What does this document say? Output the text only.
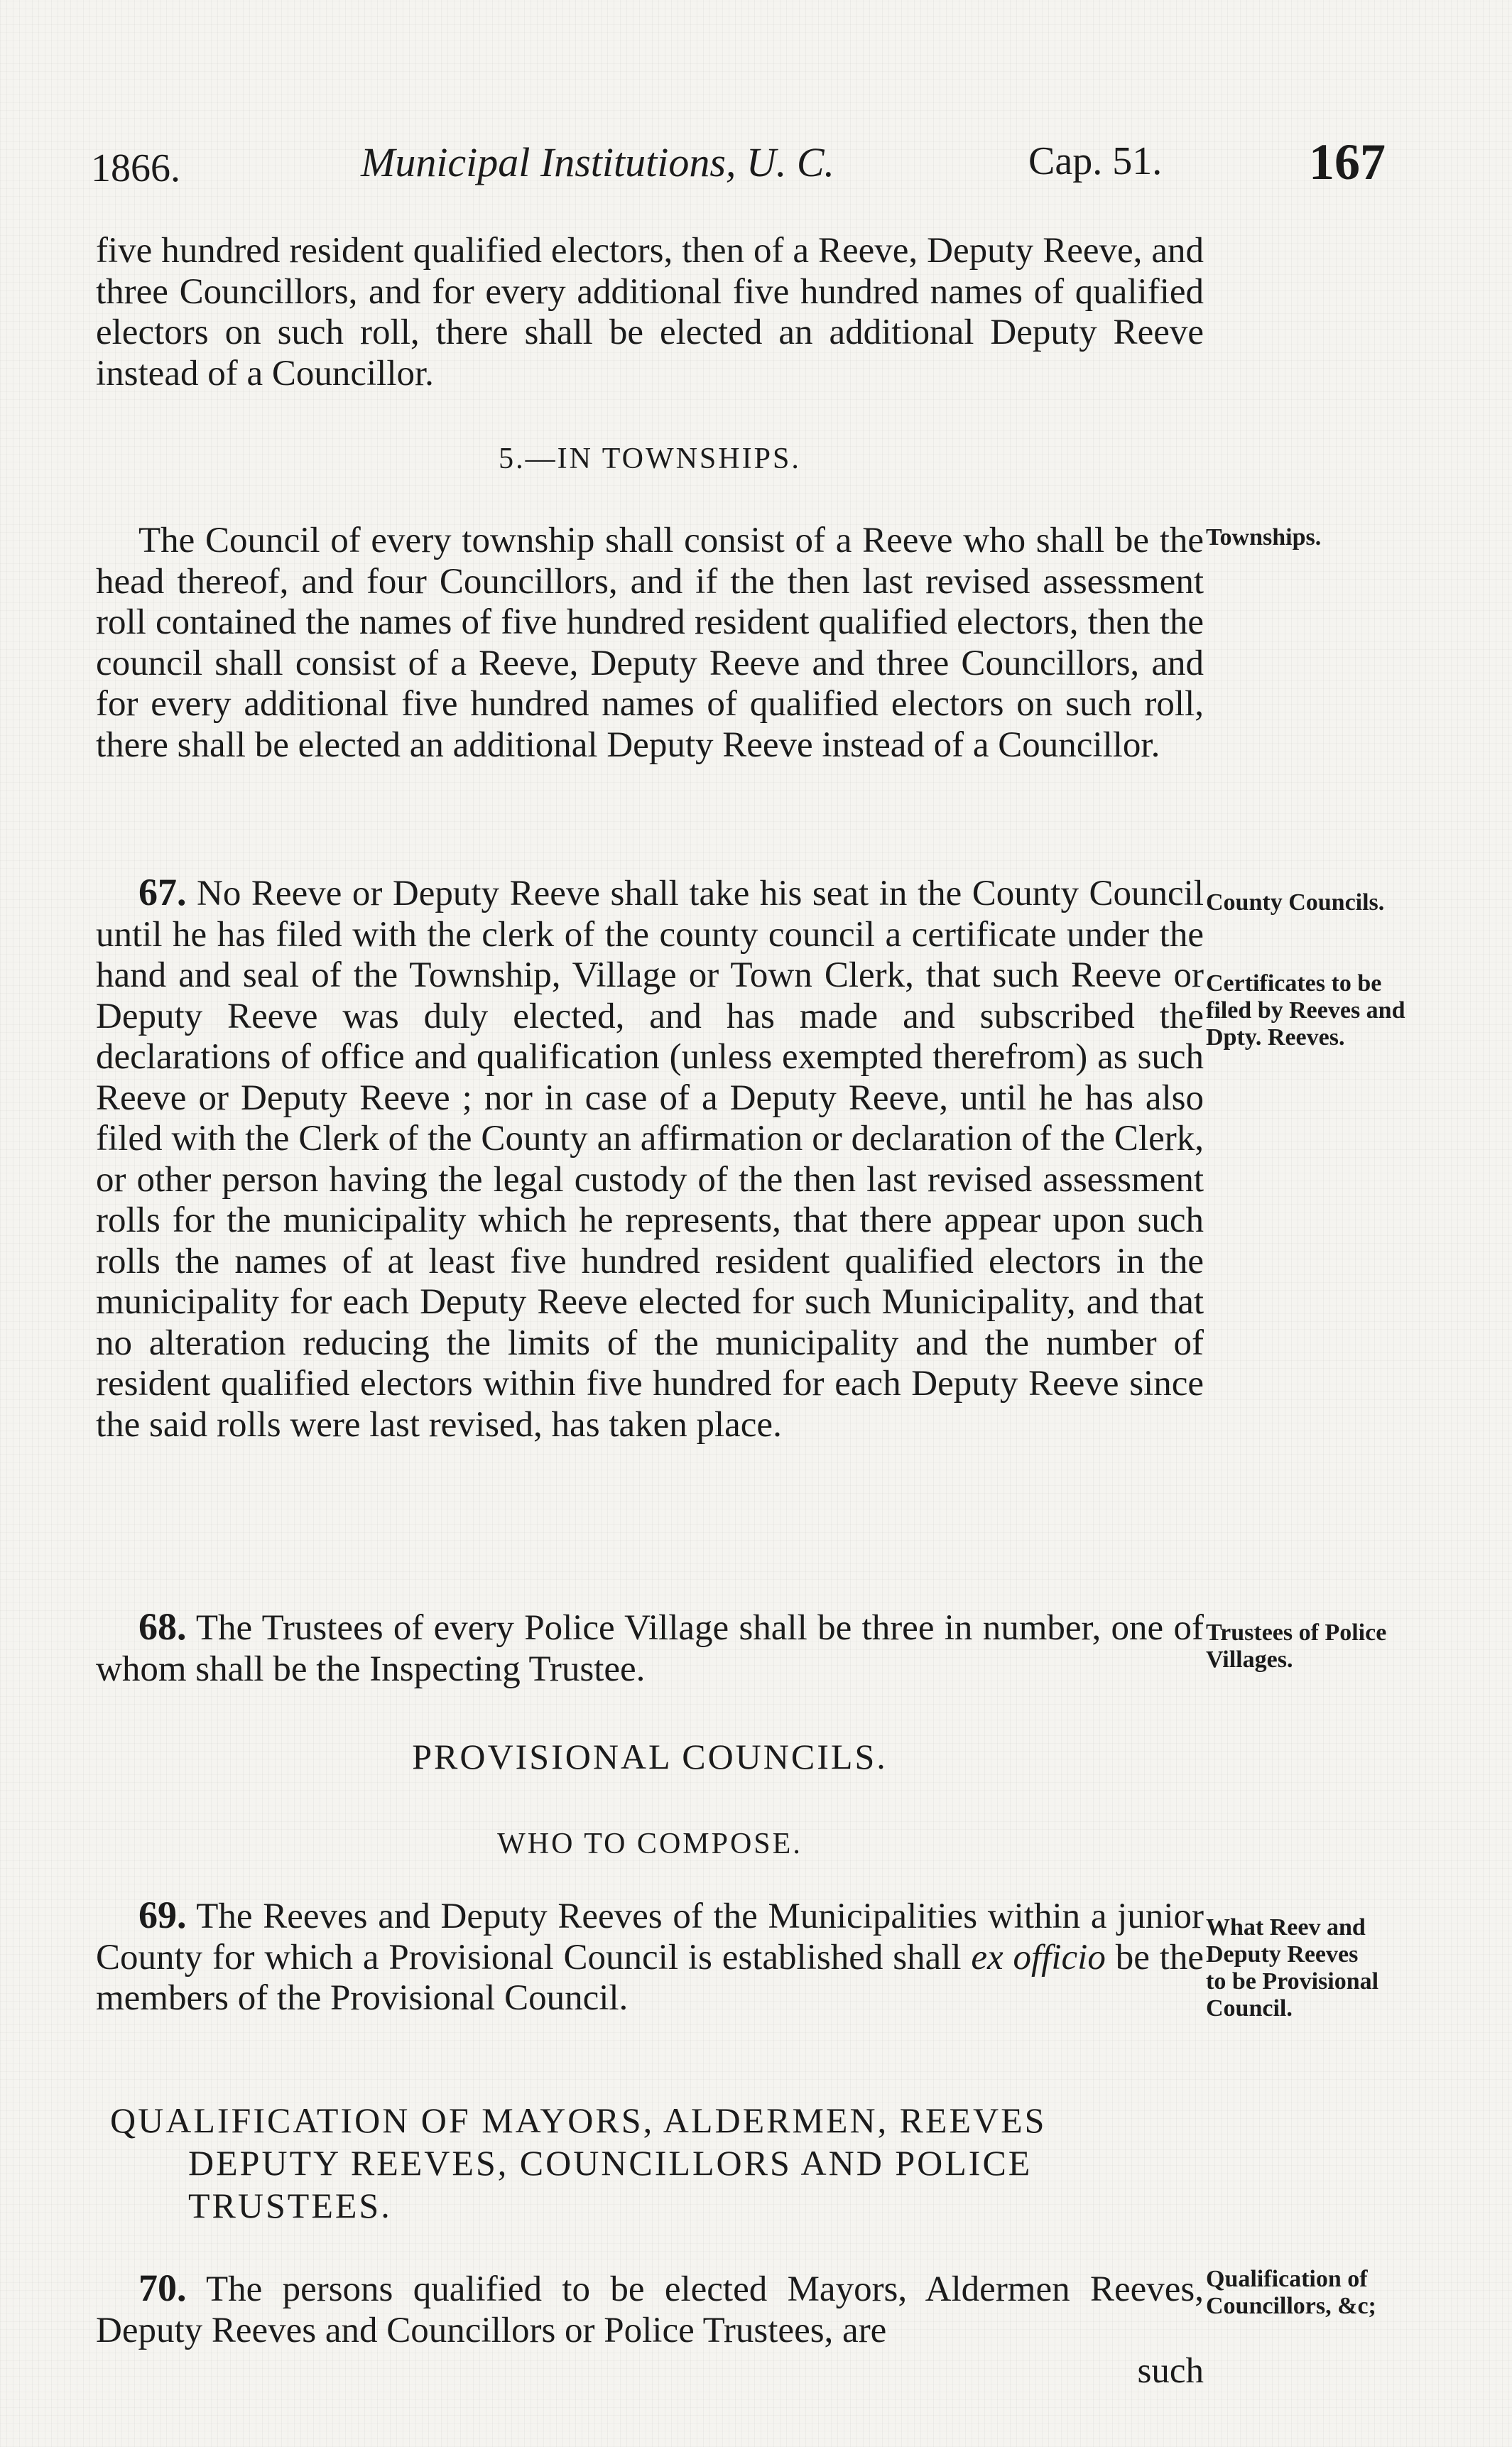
1866.	Municipal Institutions, U. C.	Cap. 51.	167

five hundred resident qualified electors, then of a Reeve, Deputy Reeve, and three Councillors, and for every additional five hundred names of qualified electors on such roll, there shall be elected an additional Deputy Reeve instead of a Councillor.

5.—IN TOWNSHIPS.

The Council of every township shall consist of a Reeve who shall be the head thereof, and four Councillors, and if the then last revised assessment roll contained the names of five hundred resident qualified electors, then the council shall consist of a Reeve, Deputy Reeve and three Councillors, and for every additional five hundred names of qualified electors on such roll, there shall be elected an additional Deputy Reeve instead of a Councillor.

67. No Reeve or Deputy Reeve shall take his seat in the County Council until he has filed with the clerk of the county council a certificate under the hand and seal of the Township, Village or Town Clerk, that such Reeve or Deputy Reeve was duly elected, and has made and subscribed the declarations of office and qualification (unless exempted therefrom) as such Reeve or Deputy Reeve ; nor in case of a Deputy Reeve, until he has also filed with the Clerk of the County an affirmation or declaration of the Clerk, or other person having the legal custody of the then last revised assessment rolls for the municipality which he represents, that there appear upon such rolls the names of at least five hundred resident qualified electors in the municipality for each Deputy Reeve elected for such Municipality, and that no alteration reducing the limits of the municipality and the number of resident qualified electors within five hundred for each Deputy Reeve since the said rolls were last revised, has taken place.

68. The Trustees of every Police Village shall be three in number, one of whom shall be the Inspecting Trustee.

PROVISIONAL COUNCILS.

WHO TO COMPOSE.

69. The Reeves and Deputy Reeves of the Municipalities within a junior County for which a Provisional Council is established shall ex officio be the members of the Provisional Council.

QUALIFICATION OF MAYORS, ALDERMEN, REEVES DEPUTY REEVES, COUNCILLORS AND POLICE TRUSTEES.

70. The persons qualified to be elected Mayors, Aldermen Reeves, Deputy Reeves and Councillors or Police Trustees, are

such

Townships.
County Councils.
Certificates to be filed by Reeves and Dpty. Reeves.
Trustees of Police Villages.
What Reev and Deputy Reeves to be Provisional Council.
Qualification of Councillors, &c;
